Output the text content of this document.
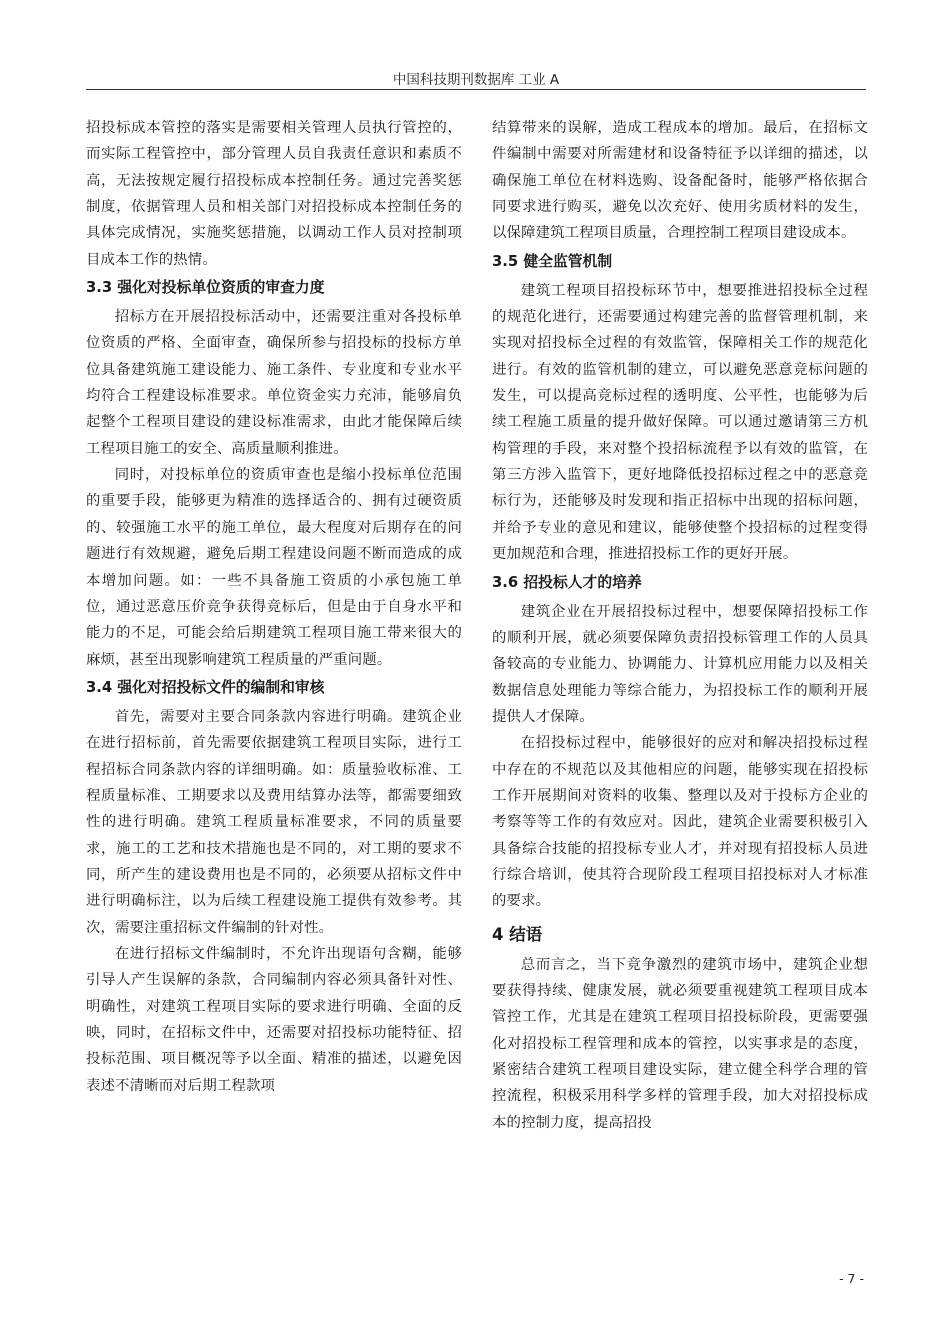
中国科技期刊数据库 工业 A

招投标成本管控的落实是需要相关管理人员执行管控的，而实际工程管控中，部分管理人员自我责任意识和素质不高，无法按规定履行招投标成本控制任务。通过完善奖惩制度，依据管理人员和相关部门对招投标成本控制任务的具体完成情况，实施奖惩措施，以调动工作人员对控制项目成本工作的热情。

3.3 强化对投标单位资质的审查力度

招标方在开展招投标活动中，还需要注重对各投标单位资质的严格、全面审查，确保所参与招投标的投标方单位具备建筑施工建设能力、施工条件、专业度和专业水平均符合工程建设标准要求。单位资金实力充沛，能够肩负起整个工程项目建设的建设标准需求，由此才能保障后续工程项目施工的安全、高质量顺利推进。

同时，对投标单位的资质审查也是缩小投标单位范围的重要手段，能够更为精准的选择适合的、拥有过硬资质的、较强施工水平的施工单位，最大程度对后期存在的问题进行有效规避，避免后期工程建设问题不断而造成的成本增加问题。如：一些不具备施工资质的小承包施工单位，通过恶意压价竞争获得竞标后，但是由于自身水平和能力的不足，可能会给后期建筑工程项目施工带来很大的麻烦，甚至出现影响建筑工程质量的严重问题。

3.4 强化对招投标文件的编制和审核

首先，需要对主要合同条款内容进行明确。建筑企业在进行招标前，首先需要依据建筑工程项目实际，进行工程招标合同条款内容的详细明确。如：质量验收标准、工程质量标准、工期要求以及费用结算办法等，都需要细致性的进行明确。建筑工程质量标准要求，不同的质量要求，施工的工艺和技术措施也是不同的，对工期的要求不同，所产生的建设费用也是不同的，必须要从招标文件中进行明确标注，以为后续工程建设施工提供有效参考。其次，需要注重招标文件编制的针对性。

在进行招标文件编制时，不允许出现语句含糊，能够引导人产生误解的条款，合同编制内容必须具备针对性、明确性，对建筑工程项目实际的要求进行明确、全面的反映，同时，在招标文件中，还需要对招投标功能特征、招投标范围、项目概况等予以全面、精准的描述，以避免因表述不清晰而对后期工程款项

结算带来的误解，造成工程成本的增加。最后，在招标文件编制中需要对所需建材和设备特征予以详细的描述，以确保施工单位在材料选购、设备配备时，能够严格依据合同要求进行购买，避免以次充好、使用劣质材料的发生，以保障建筑工程项目质量，合理控制工程项目建设成本。

3.5 健全监管机制

建筑工程项目招投标环节中，想要推进招投标全过程的规范化进行，还需要通过构建完善的监督管理机制，来实现对招投标全过程的有效监管，保障相关工作的规范化进行。有效的监管机制的建立，可以避免恶意竞标问题的发生，可以提高竞标过程的透明度、公平性，也能够为后续工程施工质量的提升做好保障。可以通过邀请第三方机构管理的手段，来对整个投招标流程予以有效的监管，在第三方涉入监管下，更好地降低投招标过程之中的恶意竞标行为，还能够及时发现和指正招标中出现的招标问题，并给予专业的意见和建议，能够使整个投招标的过程变得更加规范和合理，推进招投标工作的更好开展。

3.6 招投标人才的培养

建筑企业在开展招投标过程中，想要保障招投标工作的顺利开展，就必须要保障负责招投标管理工作的人员具备较高的专业能力、协调能力、计算机应用能力以及相关数据信息处理能力等综合能力，为招投标工作的顺利开展提供人才保障。

在招投标过程中，能够很好的应对和解决招投标过程中存在的不规范以及其他相应的问题，能够实现在招投标工作开展期间对资料的收集、整理以及对于投标方企业的考察等等工作的有效应对。因此，建筑企业需要积极引入具备综合技能的招投标专业人才，并对现有招投标人员进行综合培训，使其符合现阶段工程项目招投标对人才标准的要求。

4 结语

总而言之，当下竞争激烈的建筑市场中，建筑企业想要获得持续、健康发展，就必须要重视建筑工程项目成本管控工作，尤其是在建筑工程项目招投标阶段，更需要强化对招投标工程管理和成本的管控，以实事求是的态度，紧密结合建筑工程项目建设实际，建立健全科学合理的管控流程，积极采用科学多样的管理手段，加大对招投标成本的控制力度，提高招投

- 7 -
